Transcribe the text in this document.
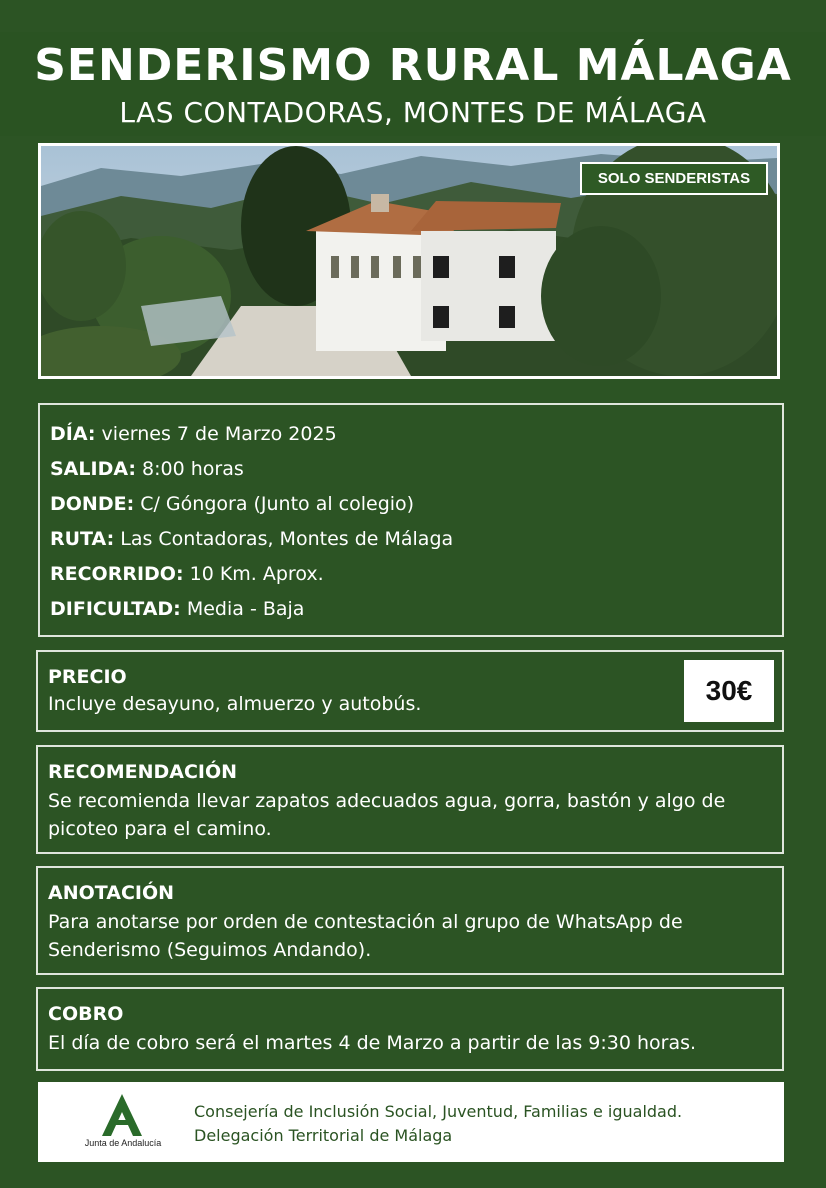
SENDERISMO RURAL MÁLAGA
LAS CONTADORAS, MONTES DE MÁLAGA
SOLO SENDERISTAS
DÍA: viernes 7 de Marzo 2025
SALIDA: 8:00 horas
DONDE: C/ Góngora (Junto al colegio)
RUTA: Las Contadoras, Montes de Málaga
RECORRIDO: 10 Km. Aprox.
DIFICULTAD: Media - Baja
PRECIO
Incluye desayuno, almuerzo y autobús.	30€
RECOMENDACIÓN
Se recomienda llevar zapatos adecuados agua, gorra, bastón y algo de picoteo para el camino.
ANOTACIÓN
Para anotarse por orden de contestación al grupo de WhatsApp de Senderismo (Seguimos Andando).
COBRO
El día de cobro será el martes 4 de Marzo a partir de las 9:30 horas.
Junta de Andalucía
Consejería de Inclusión Social, Juventud, Familias e igualdad.
Delegación Territorial de Málaga
